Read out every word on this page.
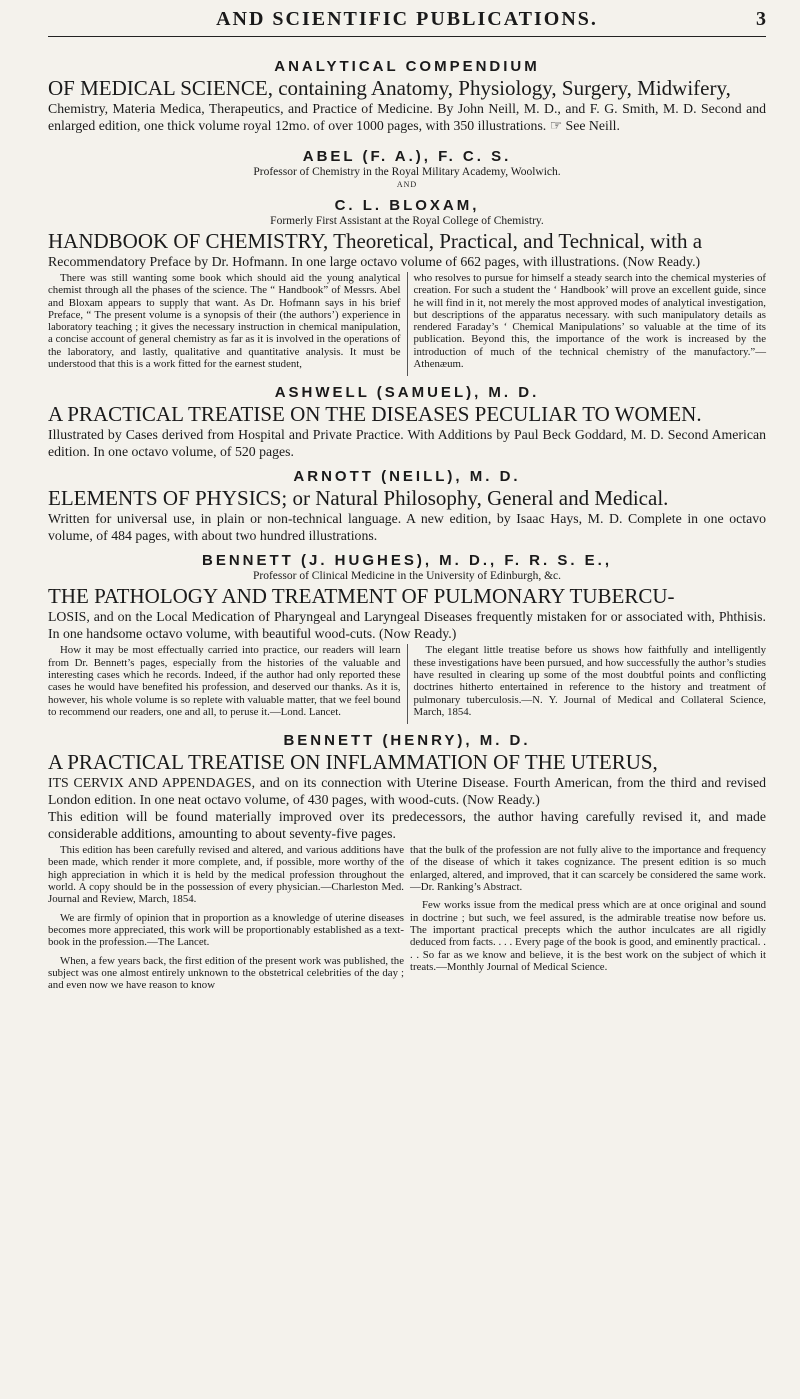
AND SCIENTIFIC PUBLICATIONS.	3
ANALYTICAL COMPENDIUM
OF MEDICAL SCIENCE, containing Anatomy, Physiology, Surgery, Midwifery,
Chemistry, Materia Medica, Therapeutics, and Practice of Medicine. By John Neill, M. D., and F. G. Smith, M. D. Second and enlarged edition, one thick volume royal 12mo. of over 1000 pages, with 350 illustrations. ☞ See Neill.
ABEL (F. A.), F. C. S.
Professor of Chemistry in the Royal Military Academy, Woolwich.
AND
C. L. BLOXAM,
Formerly First Assistant at the Royal College of Chemistry.
HANDBOOK OF CHEMISTRY, Theoretical, Practical, and Technical, with a
Recommendatory Preface by Dr. Hofmann. In one large octavo volume of 662 pages, with illustrations. (Now Ready.)

There was still wanting some book which should aid the young analytical chemist through all the phases of the science. The “ Handbook” of Messrs. Abel and Bloxam appears to supply that want. As Dr. Hofmann says in his brief Preface, “ The present volume is a synopsis of their (the authors’) experience in laboratory teaching ; it gives the necessary instruction in chemical manipulation, a concise account of general chemistry as far as it is involved in the operations of the laboratory, and lastly, qualitative and quantitative analysis. It must be understood that this is a work fitted for the earnest student,

who resolves to pursue for himself a steady search into the chemical mysteries of creation. For such a student the ‘ Handbook’ will prove an excellent guide, since he will find in it, not merely the most approved modes of analytical investigation, but descriptions of the apparatus necessary. with such manipulatory details as rendered Faraday’s ‘ Chemical Manipulations’ so valuable at the time of its publication. Beyond this, the importance of the work is increased by the introduction of much of the technical chemistry of the manufactory.”—Athenæum.

ASHWELL (SAMUEL), M. D.
A PRACTICAL TREATISE ON THE DISEASES PECULIAR TO WOMEN.
Illustrated by Cases derived from Hospital and Private Practice. With Additions by Paul Beck Goddard, M. D. Second American edition. In one octavo volume, of 520 pages.
ARNOTT (NEILL), M. D.
ELEMENTS OF PHYSICS; or Natural Philosophy, General and Medical.
Written for universal use, in plain or non-technical language. A new edition, by Isaac Hays, M. D. Complete in one octavo volume, of 484 pages, with about two hundred illustrations.
BENNETT (J. HUGHES), M. D., F. R. S. E.,
Professor of Clinical Medicine in the University of Edinburgh, &c.
THE PATHOLOGY AND TREATMENT OF PULMONARY TUBERCU-
LOSIS, and on the Local Medication of Pharyngeal and Laryngeal Diseases frequently mistaken for or associated with, Phthisis. In one handsome octavo volume, with beautiful wood-cuts. (Now Ready.)

How it may be most effectually carried into practice, our readers will learn from Dr. Bennett’s pages, especially from the histories of the valuable and interesting cases which he records. Indeed, if the author had only reported these cases he would have benefited his profession, and deserved our thanks. As it is, however, his whole volume is so replete with valuable matter, that we feel bound to recommend our readers, one and all, to peruse it.—Lond. Lancet.

The elegant little treatise before us shows how faithfully and intelligently these investigations have been pursued, and how successfully the author’s studies have resulted in clearing up some of the most doubtful points and conflicting doctrines hitherto entertained in reference to the history and treatment of pulmonary tuberculosis.—N. Y. Journal of Medical and Collateral Science, March, 1854.

BENNETT (HENRY), M. D.
A PRACTICAL TREATISE ON INFLAMMATION OF THE UTERUS,
ITS CERVIX AND APPENDAGES, and on its connection with Uterine Disease. Fourth American, from the third and revised London edition. In one neat octavo volume, of 430 pages, with wood-cuts. (Now Ready.)
This edition will be found materially improved over its predecessors, the author having carefully revised it, and made considerable additions, amounting to about seventy-five pages.

This edition has been carefully revised and altered, and various additions have been made, which render it more complete, and, if possible, more worthy of the high appreciation in which it is held by the medical profession throughout the world. A copy should be in the possession of every physician.—Charleston Med. Journal and Review, March, 1854.

We are firmly of opinion that in proportion as a knowledge of uterine diseases becomes more appreciated, this work will be proportionably established as a text-book in the profession.—The Lancet.

When, a few years back, the first edition of the present work was published, the subject was one almost entirely unknown to the obstetrical celebrities of the day ; and even now we have reason to know

that the bulk of the profession are not fully alive to the importance and frequency of the disease of which it takes cognizance. The present edition is so much enlarged, altered, and improved, that it can scarcely be considered the same work.—Dr. Ranking’s Abstract.

Few works issue from the medical press which are at once original and sound in doctrine ; but such, we feel assured, is the admirable treatise now before us. The important practical precepts which the author inculcates are all rigidly deduced from facts. . . . Every page of the book is good, and eminently practical. . . . So far as we know and believe, it is the best work on the subject of which it treats.—Monthly Journal of Medical Science.
